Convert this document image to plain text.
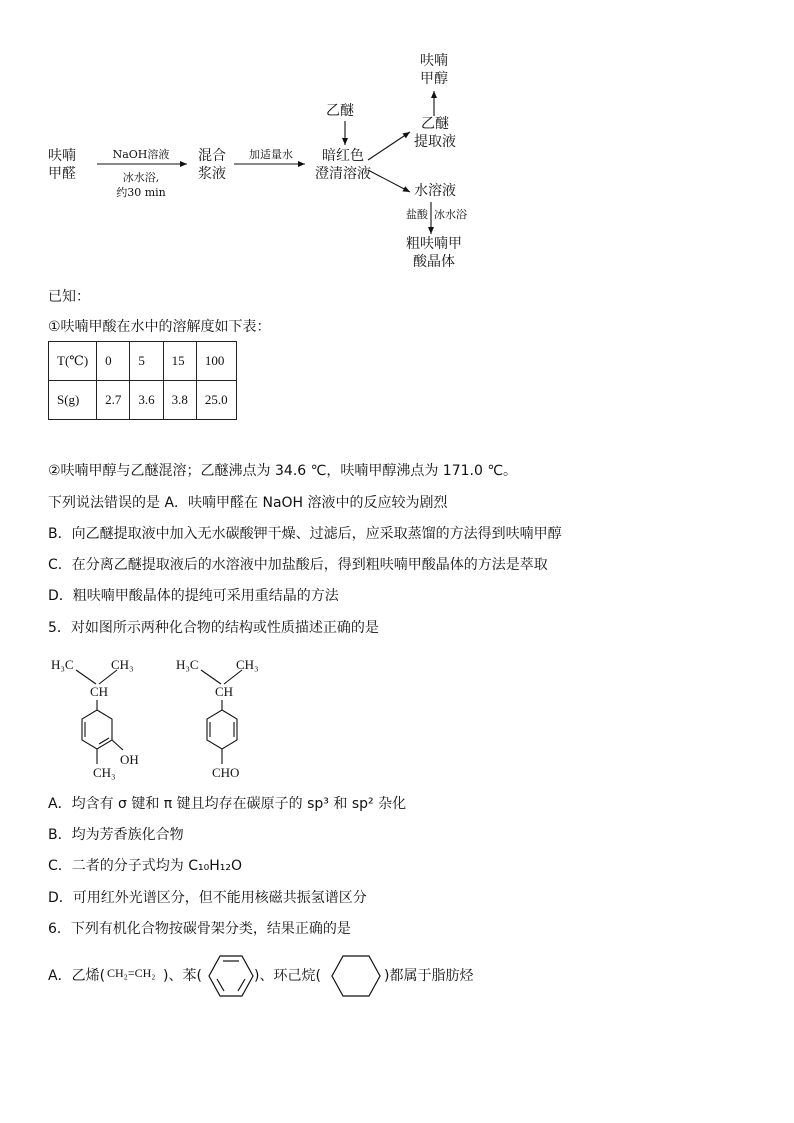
呋喃
甲醛
NaOH溶液
冰水浴,
约30 min
混合
浆液
加适量水
乙醚
暗红色
澄清溶液
乙醚
提取液
呋喃
甲醇
水溶液
盐酸 冰水浴
粗呋喃甲
酸晶体
已知：
①呋喃甲酸在水中的溶解度如下表：
T(℃)	0	5	15	100
S(g)	2.7	3.6	3.8	25.0
②呋喃甲醇与乙醚混溶；乙醚沸点为 34.6 ℃，呋喃甲醇沸点为 171.0 ℃。
下列说法错误的是 A．呋喃甲醛在 NaOH 溶液中的反应较为剧烈
B．向乙醚提取液中加入无水碳酸钾干燥、过滤后，应采取蒸馏的方法得到呋喃甲醇
C．在分离乙醚提取液后的水溶液中加盐酸后，得到粗呋喃甲酸晶体的方法是萃取
D．粗呋喃甲酸晶体的提纯可采用重结晶的方法
5．对如图所示两种化合物的结构或性质描述正确的是
H₃C	CH₃
CH
OH
CH₃
H₃C	CH₃
CH
CHO
A．均含有 σ 键和 π 键且均存在碳原子的 sp³ 和 sp² 杂化
B．均为芳香族化合物
C．二者的分子式均为 C₁₀H₁₂O
D．可用红外光谱区分，但不能用核磁共振氢谱区分
6．下列有机化合物按碳骨架分类，结果正确的是
A．乙烯( CH₂=CH₂ )、苯(	)、环己烷(	)都属于脂肪烃
